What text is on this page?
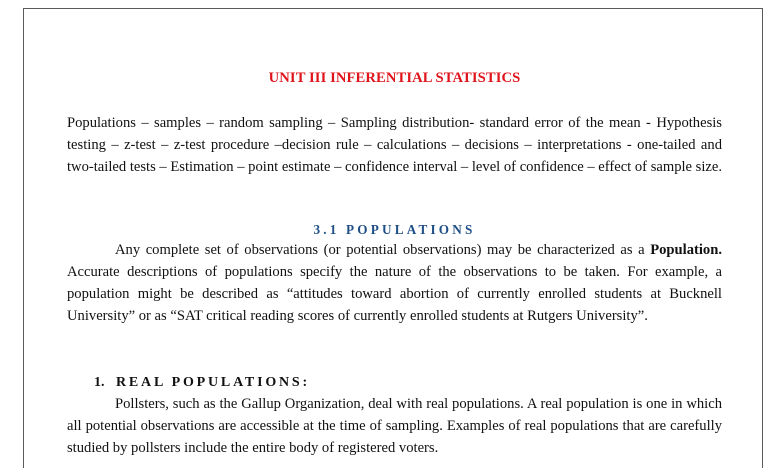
UNIT III INFERENTIAL STATISTICS
Populations – samples – random sampling – Sampling distribution- standard error of the mean - Hypothesis testing – z-test – z-test procedure –decision rule – calculations – decisions – interpretations - one-tailed and two-tailed tests – Estimation – point estimate – confidence interval – level of confidence – effect of sample size.
3.1 POPULATIONS
Any complete set of observations (or potential observations) may be characterized as a Population. Accurate descriptions of populations specify the nature of the observations to be taken. For example, a population might be described as “attitudes toward abortion of currently enrolled students at Bucknell University” or as “SAT critical reading scores of currently enrolled students at Rutgers University”.
1. REAL POPULATIONS:
Pollsters, such as the Gallup Organization, deal with real populations. A real population is one in which all potential observations are accessible at the time of sampling. Examples of real populations that are carefully studied by pollsters include the entire body of registered voters.
